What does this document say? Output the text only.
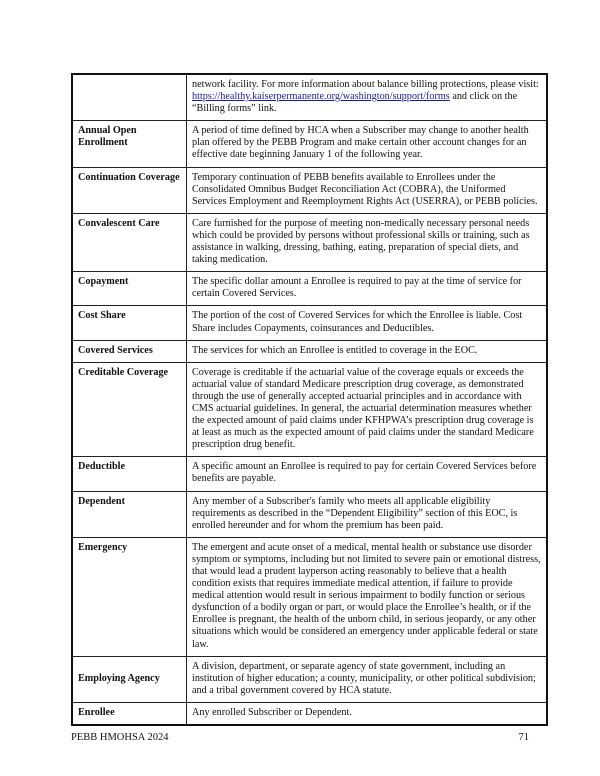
	network facility. For more information about balance billing protections, please visit: https://healthy.kaiserpermanente.org/washington/support/forms and click on the “Billing forms” link.
Annual Open Enrollment	A period of time defined by HCA when a Subscriber may change to another health plan offered by the PEBB Program and make certain other account changes for an effective date beginning January 1 of the following year.
Continuation Coverage	Temporary continuation of PEBB benefits available to Enrollees under the Consolidated Omnibus Budget Reconciliation Act (COBRA), the Uniformed Services Employment and Reemployment Rights Act (USERRA), or PEBB policies.
Convalescent Care	Care furnished for the purpose of meeting non-medically necessary personal needs which could be provided by persons without professional skills or training, such as assistance in walking, dressing, bathing, eating, preparation of special diets, and taking medication.
Copayment	The specific dollar amount a Enrollee is required to pay at the time of service for certain Covered Services.
Cost Share	The portion of the cost of Covered Services for which the Enrollee is liable. Cost Share includes Copayments, coinsurances and Deductibles.
Covered Services	The services for which an Enrollee is entitled to coverage in the EOC.
Creditable Coverage	Coverage is creditable if the actuarial value of the coverage equals or exceeds the actuarial value of standard Medicare prescription drug coverage, as demonstrated through the use of generally accepted actuarial principles and in accordance with CMS actuarial guidelines. In general, the actuarial determination measures whether the expected amount of paid claims under KFHPWA’s prescription drug coverage is at least as much as the expected amount of paid claims under the standard Medicare prescription drug benefit.
Deductible	A specific amount an Enrollee is required to pay for certain Covered Services before benefits are payable.
Dependent	Any member of a Subscriber's family who meets all applicable eligibility requirements as described in the “Dependent Eligibility” section of this EOC, is enrolled hereunder and for whom the premium has been paid.
Emergency	The emergent and acute onset of a medical, mental health or substance use disorder symptom or symptoms, including but not limited to severe pain or emotional distress, that would lead a prudent layperson acting reasonably to believe that a health condition exists that requires immediate medical attention, if failure to provide medical attention would result in serious impairment to bodily function or serious dysfunction of a bodily organ or part, or would place the Enrollee’s health, or if the Enrollee is pregnant, the health of the unborn child, in serious jeopardy, or any other situations which would be considered an emergency under applicable federal or state law.
Employing Agency	A division, department, or separate agency of state government, including an institution of higher education; a county, municipality, or other political subdivision; and a tribal government covered by HCA statute.
Enrollee	Any enrolled Subscriber or Dependent.
PEBB HMOHSA 2024	71
